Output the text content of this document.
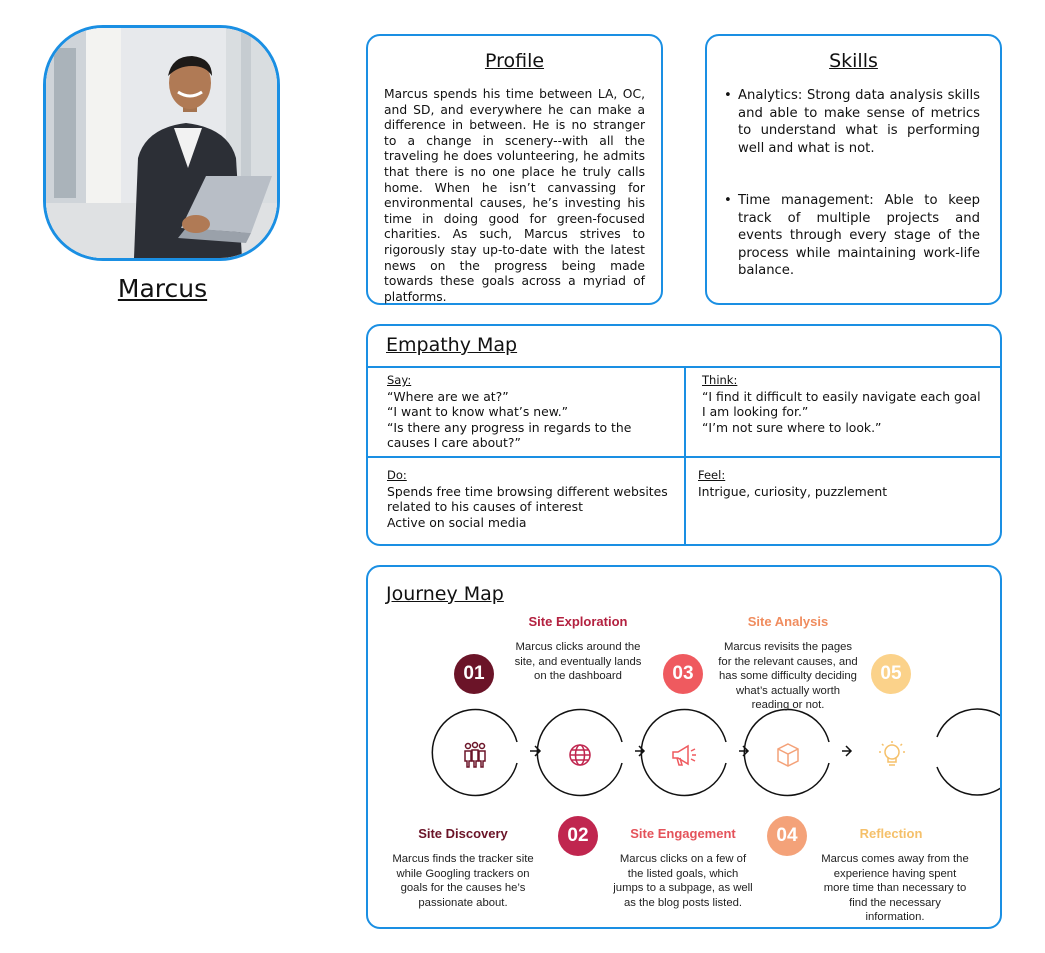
Marcus
Profile
Marcus spends his time between LA, OC, and SD, and everywhere he can make a difference in between. He is no stranger to a change in scenery--with all the traveling he does volunteering, he admits that there is no one place he truly calls home. When he isn’t canvassing for environmental causes, he’s investing his time in doing good for green-focused charities. As such, Marcus strives to rigorously stay up-to-date with the latest news on the progress being made towards these goals across a myriad of platforms.
Skills
• Analytics: Strong data analysis skills and able to make sense of metrics to understand what is performing well and what is not.
• Time management: Able to keep track of multiple projects and events through every stage of the process while maintaining work-life balance.
Empathy Map
Say:
“Where are we at?”
“I want to know what’s new.”
“Is there any progress in regards to the causes I care about?”
Think:
“I find it difficult to easily navigate each goal I am looking for.”
“I’m not sure where to look.”
Do:
Spends free time browsing different websites related to his causes of interest
Active on social media
Feel:
Intrigue, curiosity, puzzlement
Journey Map
01
02
03
04
05
Site Discovery
Marcus finds the tracker site while Googling trackers on goals for the causes he’s passionate about.
Site Exploration
Marcus clicks around the site, and eventually lands on the dashboard
Site Engagement
Marcus clicks on a few of the listed goals, which jumps to a subpage, as well as the blog posts listed.
Site Analysis
Marcus revisits the pages for the relevant causes, and has some difficulty deciding what’s actually worth reading or not.
Reflection
Marcus comes away from the experience having spent more time than necessary to find the necessary information.
